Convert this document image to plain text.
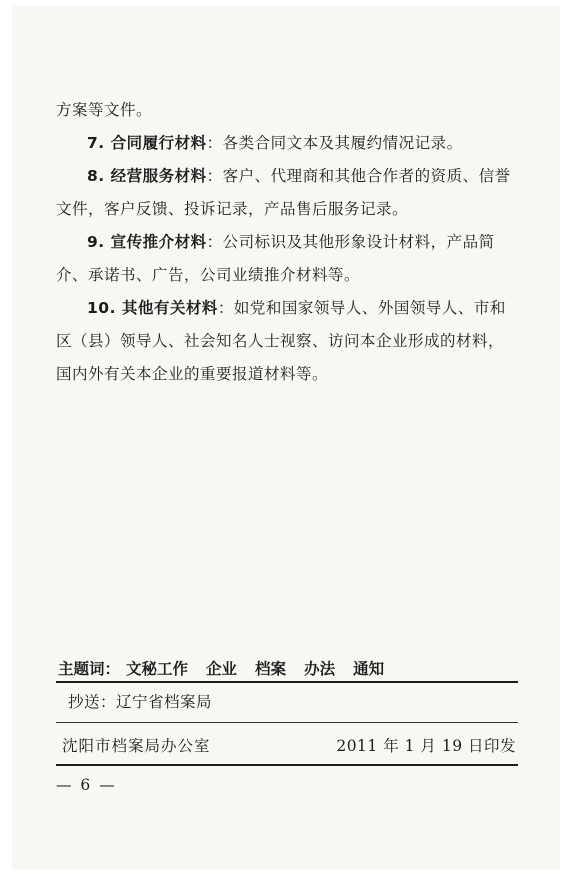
方案等文件。

7. 合同履行材料：各类合同文本及其履约情况记录。

8. 经营服务材料：客户、代理商和其他合作者的资质、信誉文件，客户反馈、投诉记录，产品售后服务记录。

9. 宣传推介材料：公司标识及其他形象设计材料，产品简介、承诺书、广告，公司业绩推介材料等。

10. 其他有关材料：如党和国家领导人、外国领导人、市和区（县）领导人、社会知名人士视察、访问本企业形成的材料，国内外有关本企业的重要报道材料等。

主题词： 文秘工作 企业 档案 办法 通知
抄送：辽宁省档案局
沈阳市档案局办公室	2011 年 1 月 19 日印发
— 6 —
